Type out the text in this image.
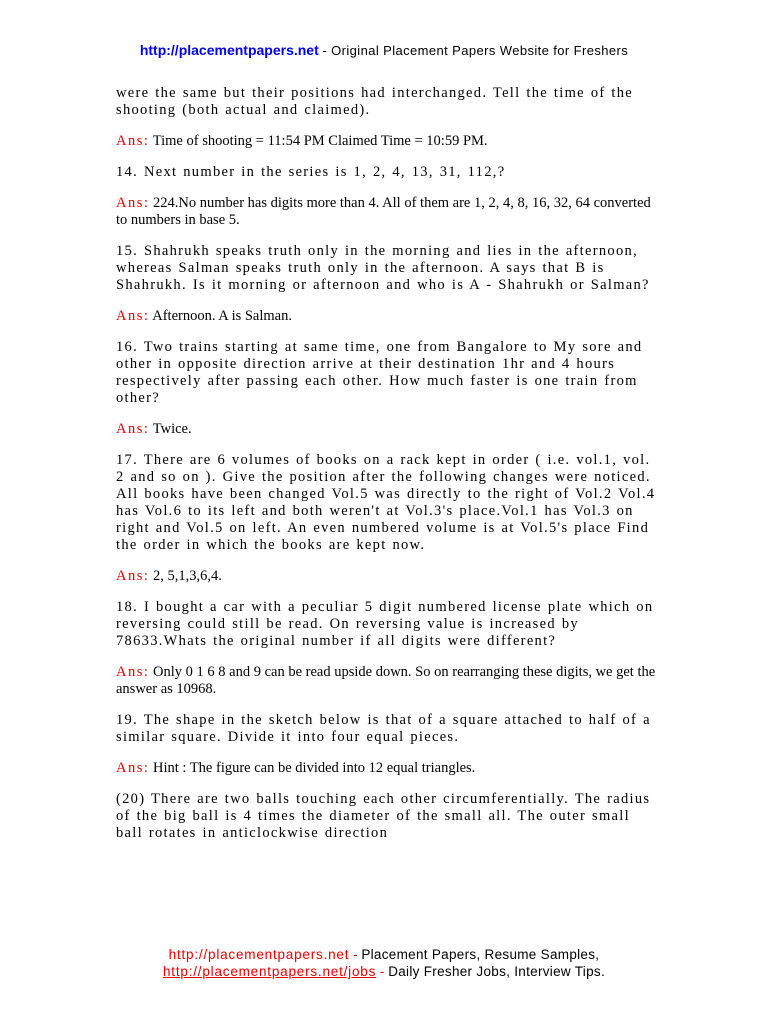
http://placementpapers.net - Original Placement Papers Website for Freshers

were the same but their positions had interchanged. Tell the time of the shooting (both actual and claimed).

Ans: Time of shooting = 11:54 PM Claimed Time = 10:59 PM.

14. Next number in the series is 1, 2, 4, 13, 31, 112,?

Ans: 224.No number has digits more than 4. All of them are 1, 2, 4, 8, 16, 32, 64 converted to numbers in base 5.

15. Shahrukh speaks truth only in the morning and lies in the afternoon, whereas Salman speaks truth only in the afternoon. A says that B is Shahrukh. Is it morning or afternoon and who is A - Shahrukh or Salman?

Ans: Afternoon. A is Salman.

16. Two trains starting at same time, one from Bangalore to My sore and other in opposite direction arrive at their destination 1hr and 4 hours respectively after passing each other. How much faster is one train from other?

Ans: Twice.

17. There are 6 volumes of books on a rack kept in order ( i.e. vol.1, vol. 2 and so on ). Give the position after the following changes were noticed. All books have been changed Vol.5 was directly to the right of Vol.2 Vol.4 has Vol.6 to its left and both weren't at Vol.3's place.Vol.1 has Vol.3 on right and Vol.5 on left. An even numbered volume is at Vol.5's place Find the order in which the books are kept now.

Ans: 2, 5,1,3,6,4.

18. I bought a car with a peculiar 5 digit numbered license plate which on reversing could still be read. On reversing value is increased by 78633.Whats the original number if all digits were different?

Ans: Only 0 1 6 8 and 9 can be read upside down. So on rearranging these digits, we get the answer as 10968.

19. The shape in the sketch below is that of a square attached to half of a similar square. Divide it into four equal pieces.

Ans: Hint : The figure can be divided into 12 equal triangles.

(20) There are two balls touching each other circumferentially. The radius of the big ball is 4 times the diameter of the small all. The outer small ball rotates in anticlockwise direction

http://placementpapers.net - Placement Papers, Resume Samples,
http://placementpapers.net/jobs - Daily Fresher Jobs, Interview Tips.
